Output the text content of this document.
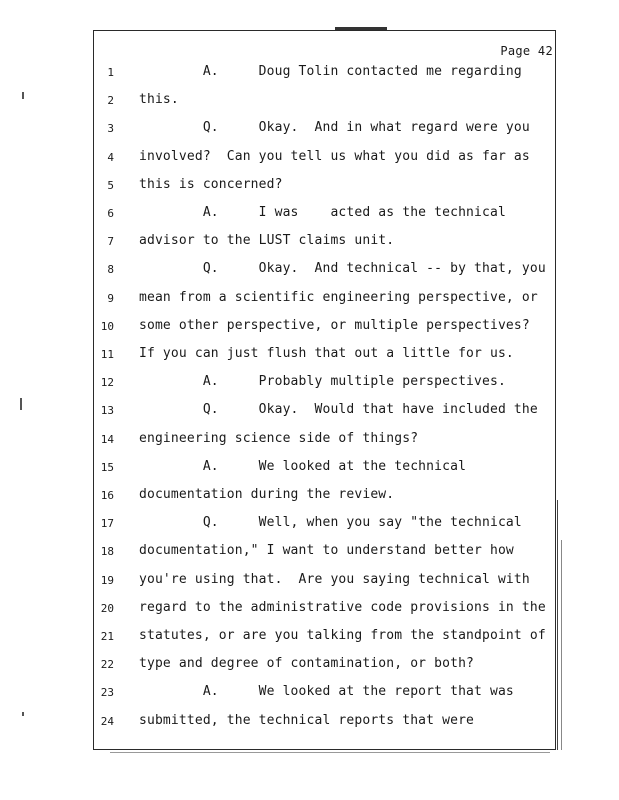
Page 42
1 A.     Doug Tolin contacted me regarding
2 this.
3 Q.     Okay.  And in what regard were you
4 involved?  Can you tell us what you did as far as
5 this is concerned?
6 A.     I was    acted as the technical
7 advisor to the LUST claims unit.
8 Q.     Okay.  And technical -- by that, you
9 mean from a scientific engineering perspective, or
10 some other perspective, or multiple perspectives?
11 If you can just flush that out a little for us.
12 A.     Probably multiple perspectives.
13 Q.     Okay.  Would that have included the
14 engineering science side of things?
15 A.     We looked at the technical
16 documentation during the review.
17 Q.     Well, when you say "the technical
18 documentation," I want to understand better how
19 you're using that.  Are you saying technical with
20 regard to the administrative code provisions in the
21 statutes, or are you talking from the standpoint of
22 type and degree of contamination, or both?
23 A.     We looked at the report that was
24 submitted, the technical reports that were
